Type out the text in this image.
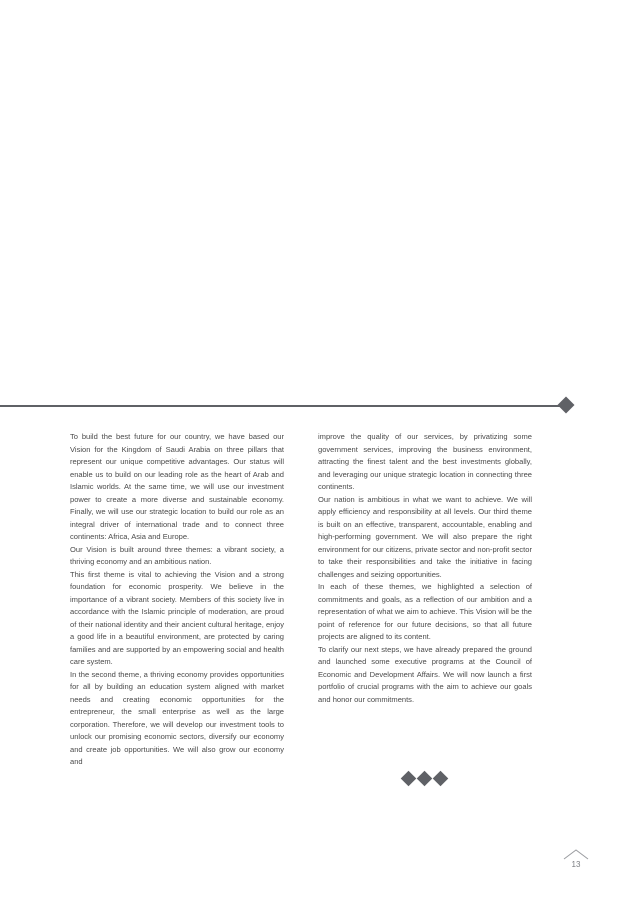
To build the best future for our country, we have based our Vision for the Kingdom of Saudi Arabia on three pillars that represent our unique competitive advantages. Our status will enable us to build on our leading role as the heart of Arab and Islamic worlds. At the same time, we will use our investment power to create a more diverse and sustainable economy. Finally, we will use our strategic location to build our role as an integral driver of international trade and to connect three continents: Africa, Asia and Europe.

Our Vision is built around three themes: a vibrant society, a thriving economy and an ambitious nation.

This first theme is vital to achieving the Vision and a strong foundation for economic prosperity. We believe in the importance of a vibrant society. Members of this society live in accordance with the Islamic principle of moderation, are proud of their national identity and their ancient cultural heritage, enjoy a good life in a beautiful environment, are protected by caring families and are supported by an empowering social and health care system.

In the second theme, a thriving economy provides opportunities for all by building an education system aligned with market needs and creating economic opportunities for the entrepreneur, the small enterprise as well as the large corporation. Therefore, we will develop our investment tools to unlock our promising economic sectors, diversify our economy and create job opportunities. We will also grow our economy and

improve the quality of our services, by privatizing some government services, improving the business environment, attracting the finest talent and the best investments globally, and leveraging our unique strategic location in connecting three continents.

Our nation is ambitious in what we want to achieve. We will apply efficiency and responsibility at all levels. Our third theme is built on an effective, transparent, accountable, enabling and high-performing government. We will also prepare the right environment for our citizens, private sector and non-profit sector to take their responsibilities and take the initiative in facing challenges and seizing opportunities.

In each of these themes, we highlighted a selection of commitments and goals, as a reflection of our ambition and a representation of what we aim to achieve. This Vision will be the point of reference for our future decisions, so that all future projects are aligned to its content.

To clarify our next steps, we have already prepared the ground and launched some executive programs at the Council of Economic and Development Affairs. We will now launch a first portfolio of crucial programs with the aim to achieve our goals and honor our commitments.

13
